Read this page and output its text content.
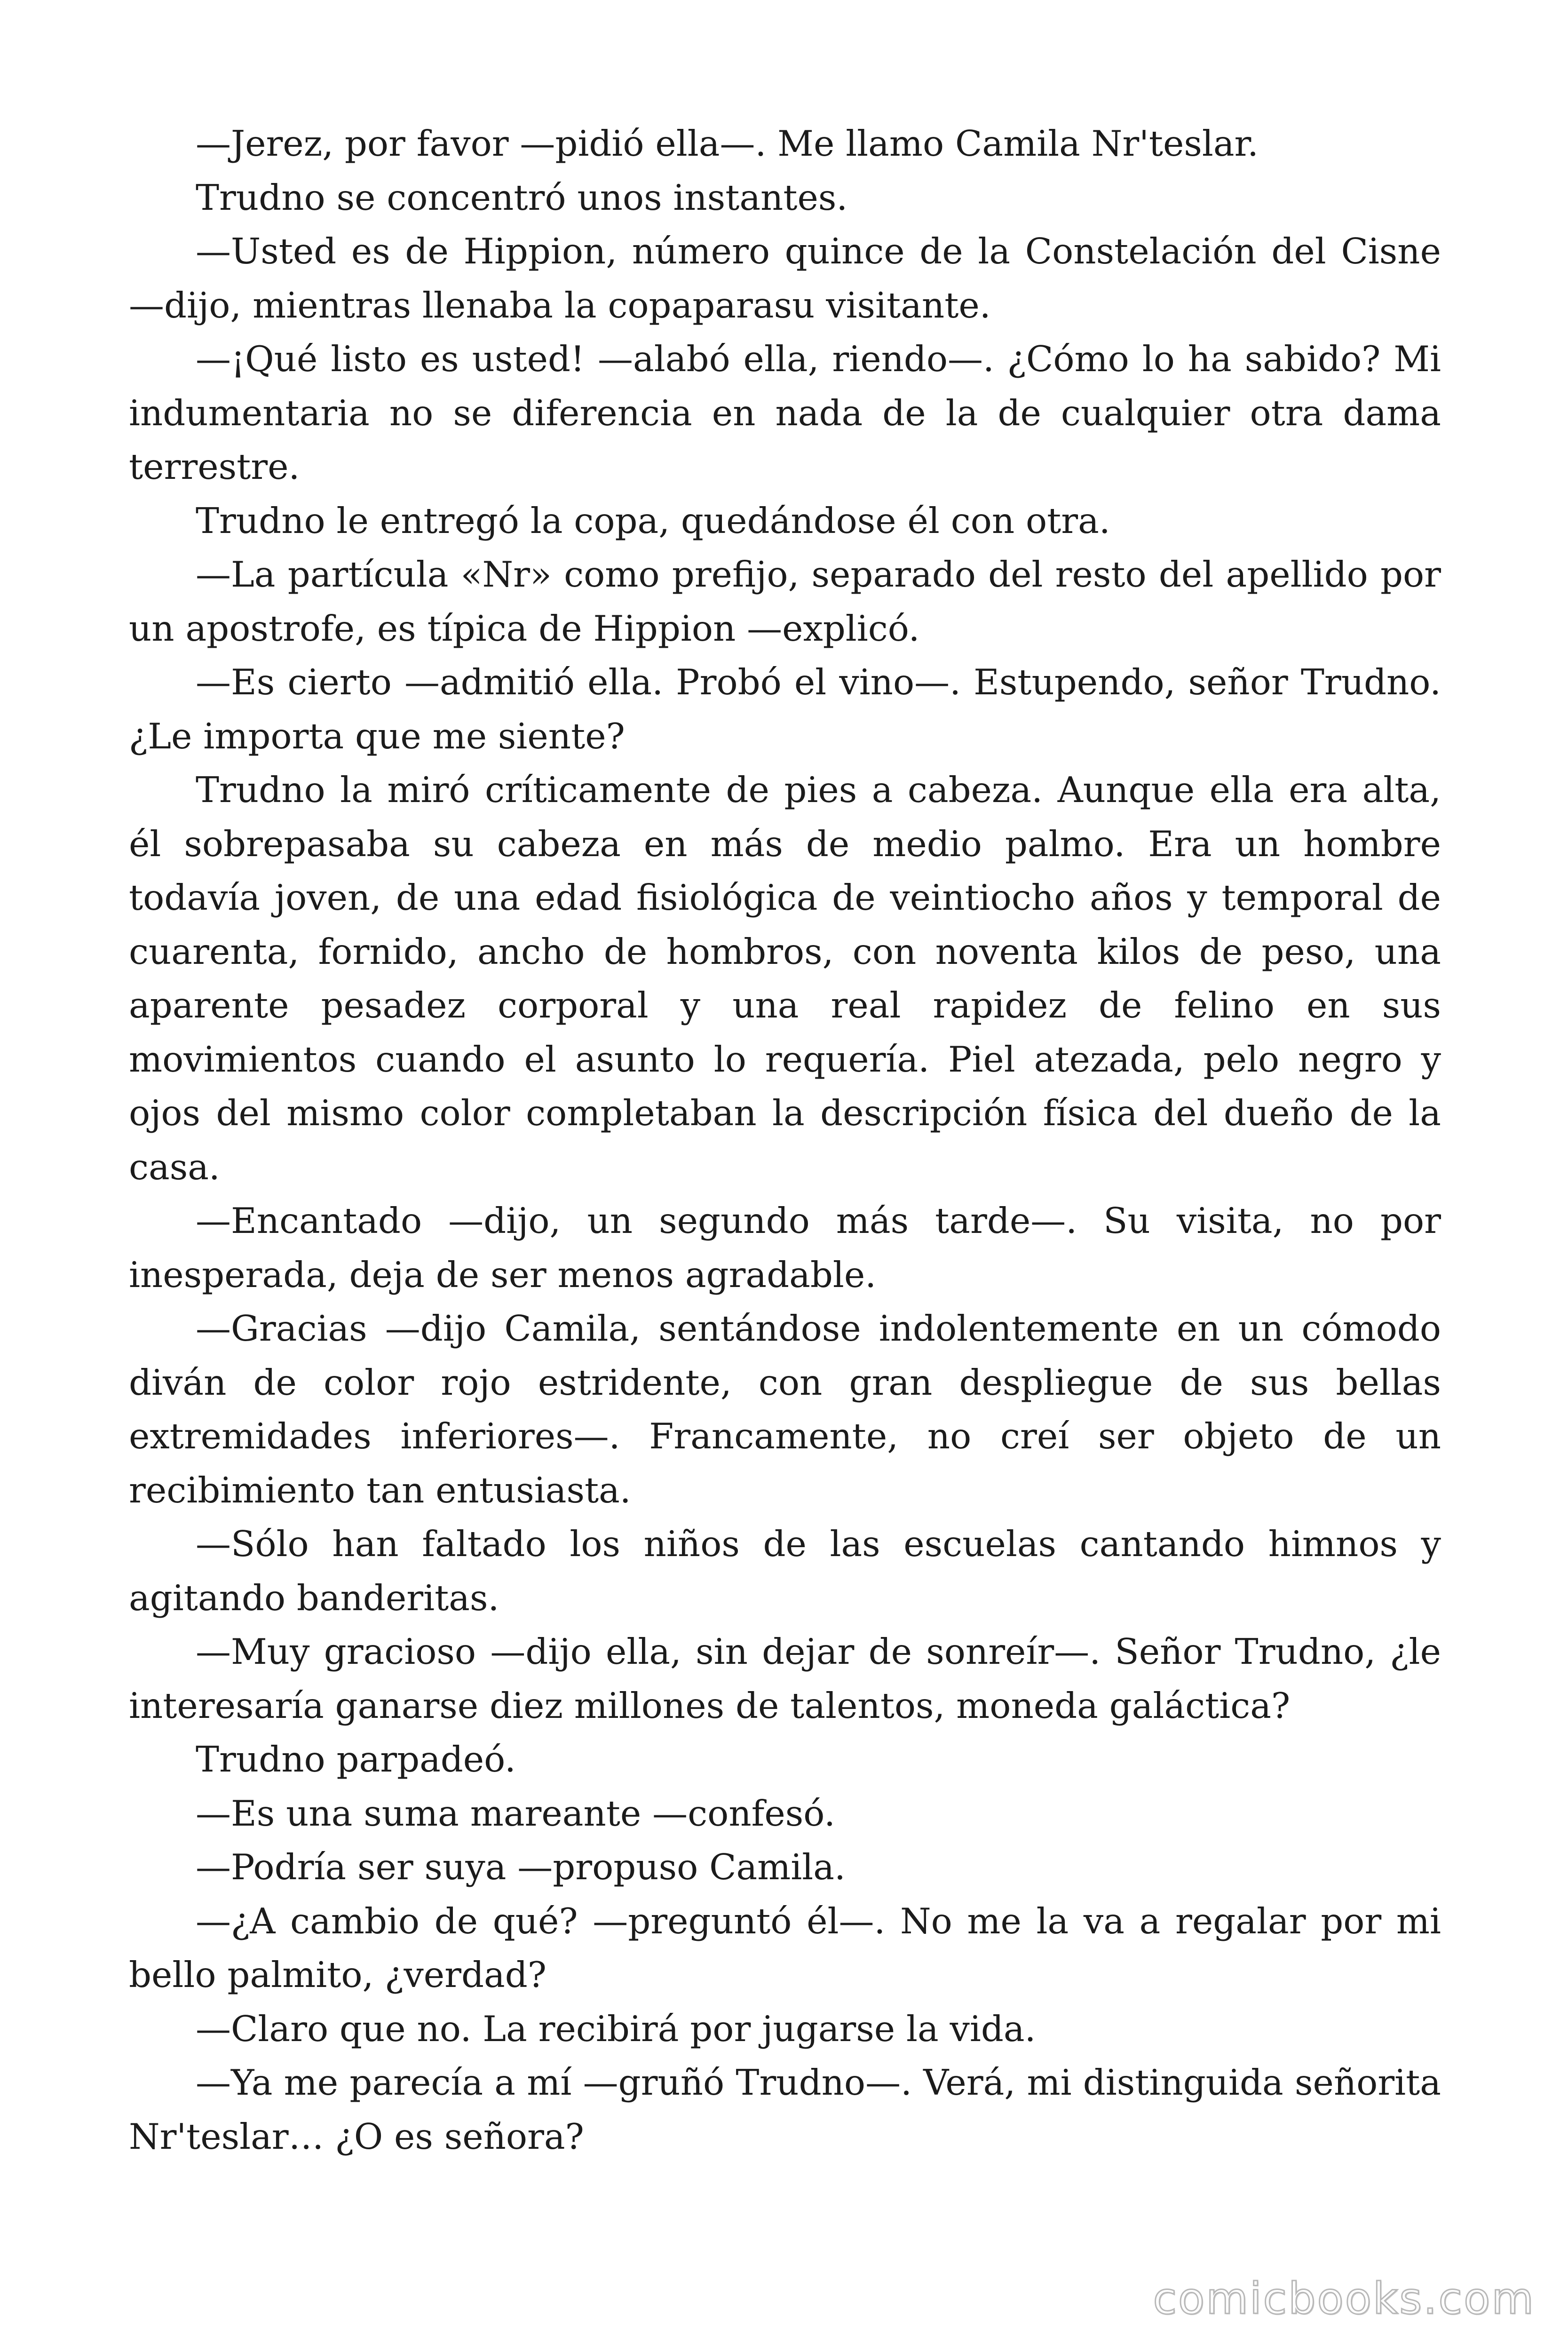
—Jerez, por favor —pidió ella—. Me llamo Camila Nr'teslar.

Trudno se concentró unos instantes.

—Usted es de Hippion, número quince de la Constelación del Cisne —dijo, mientras llenaba la copaparasu visitante.

—¡Qué listo es usted! —alabó ella, riendo—. ¿Cómo lo ha sabido? Mi indumentaria no se diferencia en nada de la de cualquier otra dama terrestre.

Trudno le entregó la copa, quedándose él con otra.

—La partícula «Nr» como prefijo, separado del resto del apellido por un apostrofe, es típica de Hippion —explicó.

—Es cierto —admitió ella. Probó el vino—. Estupendo, señor Trudno. ¿Le importa que me siente?

Trudno la miró críticamente de pies a cabeza. Aunque ella era alta, él sobrepasaba su cabeza en más de medio palmo. Era un hombre todavía joven, de una edad fisiológica de veintiocho años y temporal de cuarenta, fornido, ancho de hombros, con noventa kilos de peso, una aparente pesadez corporal y una real rapidez de felino en sus movimientos cuando el asunto lo requería. Piel atezada, pelo negro y ojos del mismo color completaban la descripción física del dueño de la casa.

—Encantado —dijo, un segundo más tarde—. Su visita, no por inesperada, deja de ser menos agradable.

—Gracias —dijo Camila, sentándose indolentemente en un cómodo diván de color rojo estridente, con gran despliegue de sus bellas extremidades inferiores—. Francamente, no creí ser objeto de un recibimiento tan entusiasta.

—Sólo han faltado los niños de las escuelas cantando himnos y agitando banderitas.

—Muy gracioso —dijo ella, sin dejar de sonreír—. Señor Trudno, ¿le interesaría ganarse diez millones de talentos, moneda galáctica?

Trudno parpadeó.

—Es una suma mareante —confesó.

—Podría ser suya —propuso Camila.

—¿A cambio de qué? —preguntó él—. No me la va a regalar por mi bello palmito, ¿verdad?

—Claro que no. La recibirá por jugarse la vida.

—Ya me parecía a mí —gruñó Trudno—. Verá, mi distinguida señorita Nr'teslar… ¿O es señora?

comicbooks.com
